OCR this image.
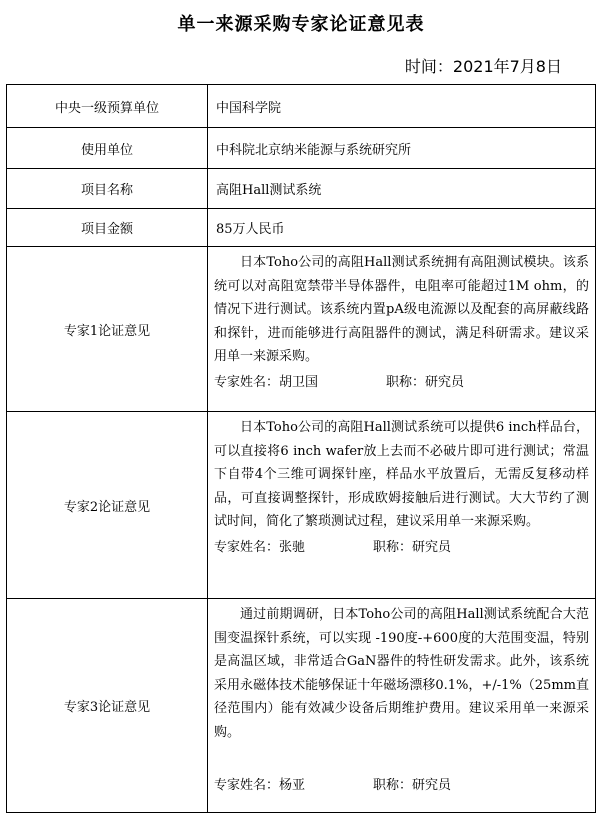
单一来源采购专家论证意见表
时间：2021年7月8日
中央一级预算单位	中国科学院
使用单位	中科院北京纳米能源与系统研究所
项目名称	高阻Hall测试系统
项目金额	85万人民币
专家1论证意见	日本Toho公司的高阻Hall测试系统拥有高阻测试模块。该系统可以对高阻宽禁带半导体器件，电阻率可能超过1M ohm，的情况下进行测试。该系统内置pA级电流源以及配套的高屏蔽线路和探针，进而能够进行高阻器件的测试，满足科研需求。建议采用单一来源采购。
专家姓名：胡卫国 职称：研究员

专家2论证意见	日本Toho公司的高阻Hall测试系统可以提供6 inch样品台，可以直接将6 inch wafer放上去而不必破片即可进行测试；常温下自带4个三维可调探针座，样品水平放置后，无需反复移动样品，可直接调整探针，形成欧姆接触后进行测试。大大节约了测试时间，简化了繁琐测试过程，建议采用单一来源采购。
专家姓名：张驰 职称：研究员

专家3论证意见	通过前期调研，日本Toho公司的高阻Hall测试系统配合大范围变温探针系统，可以实现 -190度-+600度的大范围变温，特别是高温区域，非常适合GaN器件的特性研发需求。此外，该系统采用永磁体技术能够保证十年磁场漂移0.1%，+/-1%（25mm直径范围内）能有效减少设备后期维护费用。建议采用单一来源采购。
专家姓名：杨亚 职称：研究员
